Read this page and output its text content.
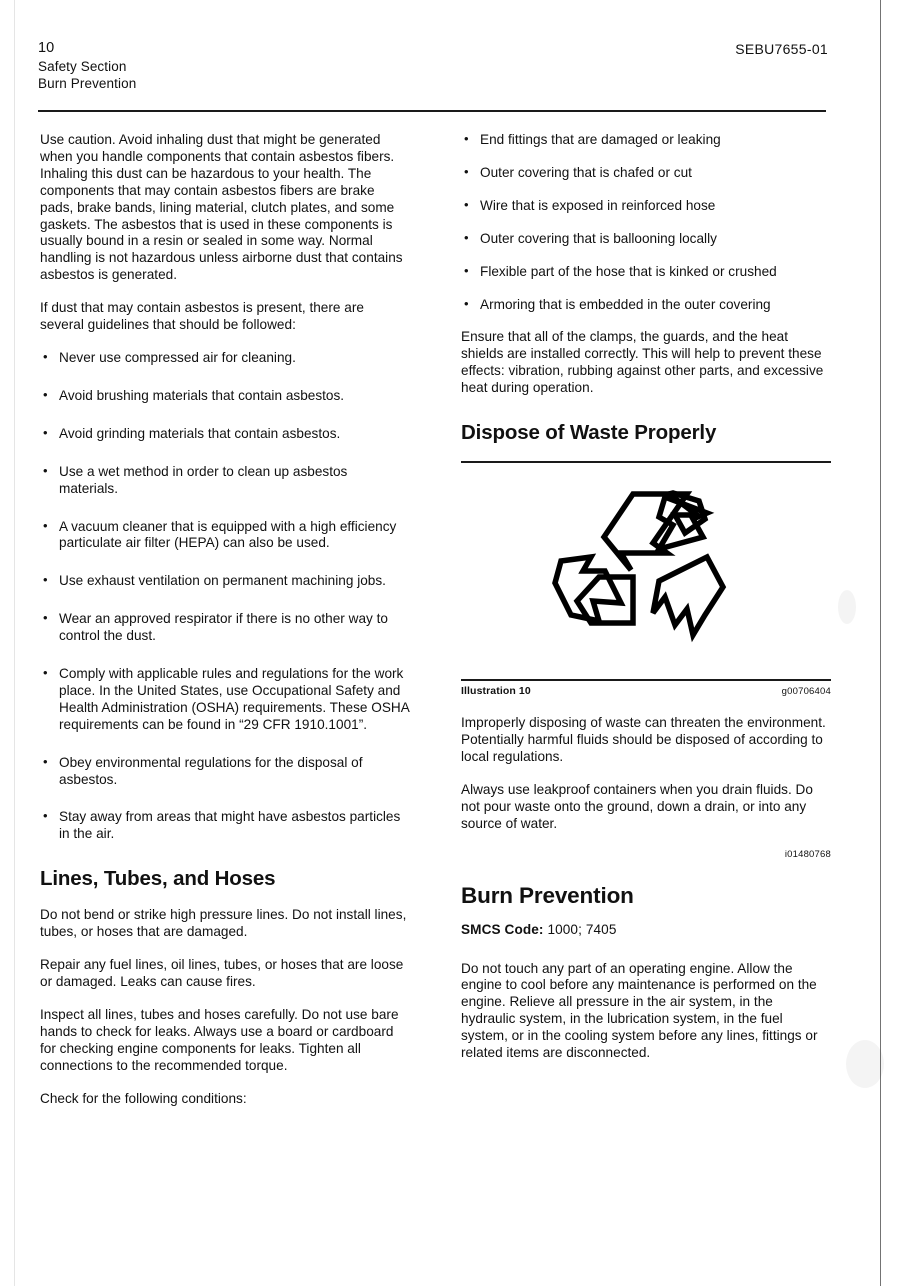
10
Safety Section
Burn Prevention
SEBU7655-01

Use caution. Avoid inhaling dust that might be generated when you handle components that contain asbestos fibers. Inhaling this dust can be hazardous to your health. The components that may contain asbestos fibers are brake pads, brake bands, lining material, clutch plates, and some gaskets. The asbestos that is used in these components is usually bound in a resin or sealed in some way. Normal handling is not hazardous unless airborne dust that contains asbestos is generated.

If dust that may contain asbestos is present, there are several guidelines that should be followed:

• Never use compressed air for cleaning.
• Avoid brushing materials that contain asbestos.
• Avoid grinding materials that contain asbestos.
• Use a wet method in order to clean up asbestos materials.
• A vacuum cleaner that is equipped with a high efficiency particulate air filter (HEPA) can also be used.
• Use exhaust ventilation on permanent machining jobs.
• Wear an approved respirator if there is no other way to control the dust.
• Comply with applicable rules and regulations for the work place. In the United States, use Occupational Safety and Health Administration (OSHA) requirements. These OSHA requirements can be found in “29 CFR 1910.1001”.
• Obey environmental regulations for the disposal of asbestos.
• Stay away from areas that might have asbestos particles in the air.
Lines, Tubes, and Hoses

Do not bend or strike high pressure lines. Do not install lines, tubes, or hoses that are damaged.

Repair any fuel lines, oil lines, tubes, or hoses that are loose or damaged. Leaks can cause fires.

Inspect all lines, tubes and hoses carefully. Do not use bare hands to check for leaks. Always use a board or cardboard for checking engine components for leaks. Tighten all connections to the recommended torque.

Check for the following conditions:

• End fittings that are damaged or leaking
• Outer covering that is chafed or cut
• Wire that is exposed in reinforced hose
• Outer covering that is ballooning locally
• Flexible part of the hose that is kinked or crushed
• Armoring that is embedded in the outer covering

Ensure that all of the clamps, the guards, and the heat shields are installed correctly. This will help to prevent these effects: vibration, rubbing against other parts, and excessive heat during operation.

Dispose of Waste Properly
Illustration 10	g00706404

Improperly disposing of waste can threaten the environment. Potentially harmful fluids should be disposed of according to local regulations.

Always use leakproof containers when you drain fluids. Do not pour waste onto the ground, down a drain, or into any source of water.

i01480768

Burn Prevention

SMCS Code: 1000; 7405

Do not touch any part of an operating engine. Allow the engine to cool before any maintenance is performed on the engine. Relieve all pressure in the air system, in the hydraulic system, in the lubrication system, in the fuel system, or in the cooling system before any lines, fittings or related items are disconnected.
